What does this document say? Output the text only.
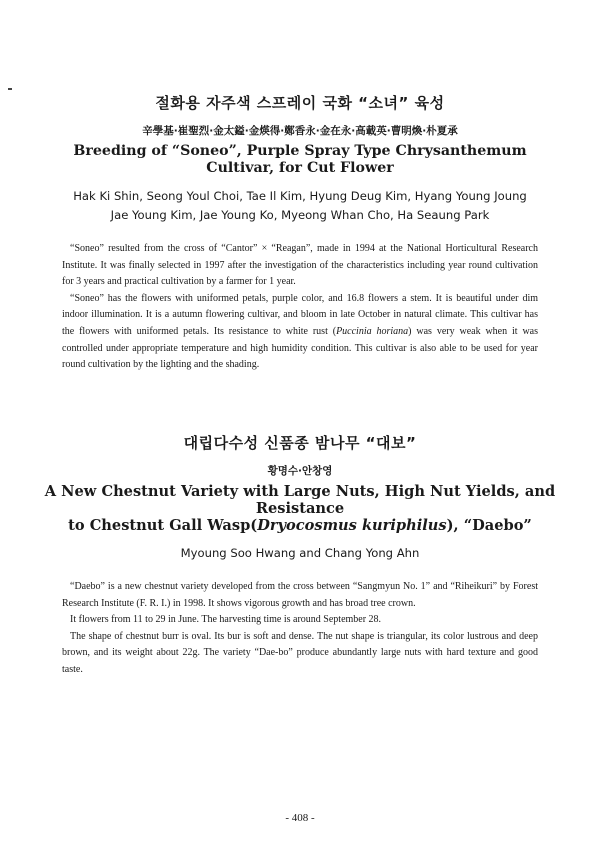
절화용 자주색 스프레이 국화 “소녀” 육성
辛學基·崔聖烈·金太鎰·金煐得·鄭香永·金在永·高載英·曹明煥·朴夏承
Breeding of “Soneo”, Purple Spray Type Chrysanthemum
Cultivar, for Cut Flower
Hak Ki Shin, Seong Youl Choi, Tae Il Kim, Hyung Deug Kim, Hyang Young Joung
Jae Young Kim, Jae Young Ko, Myeong Whan Cho, Ha Seaung Park

“Soneo” resulted from the cross of “Cantor” × “Reagan”, made in 1994 at the National Horticultural Research Institute. It was finally selected in 1997 after the investigation of the characteristics including year round cultivation for 3 years and practical cultivation by a farmer for 1 year.

“Soneo” has the flowers with uniformed petals, purple color, and 16.8 flowers a stem. It is beautiful under dim indoor illumination. It is a autumn flowering cultivar, and bloom in late October in natural climate. This cultivar has the flowers with uniformed petals. Its resistance to white rust (Puccinia horiana) was very weak when it was controlled under appropriate temperature and high humidity condition. This cultivar is also able to be used for year round cultivation by the lighting and the shading.

대립다수성 신품종 밤나무 “대보”
황명수·안창영
A New Chestnut Variety with Large Nuts, High Nut Yields, and Resistance
to Chestnut Gall Wasp(Dryocosmus kuriphilus), “Daebo”
Myoung Soo Hwang and Chang Yong Ahn

“Daebo” is a new chestnut variety developed from the cross between “Sangmyun No. 1” and “Riheikuri” by Forest Research Institute (F. R. I.) in 1998. It shows vigorous growth and has broad tree crown.

It flowers from 11 to 29 in June. The harvesting time is around September 28.

The shape of chestnut burr is oval. Its bur is soft and dense. The nut shape is triangular, its color lustrous and deep brown, and its weight about 22g. The variety “Dae-bo” produce abundantly large nuts with hard texture and good taste.

- 408 -
